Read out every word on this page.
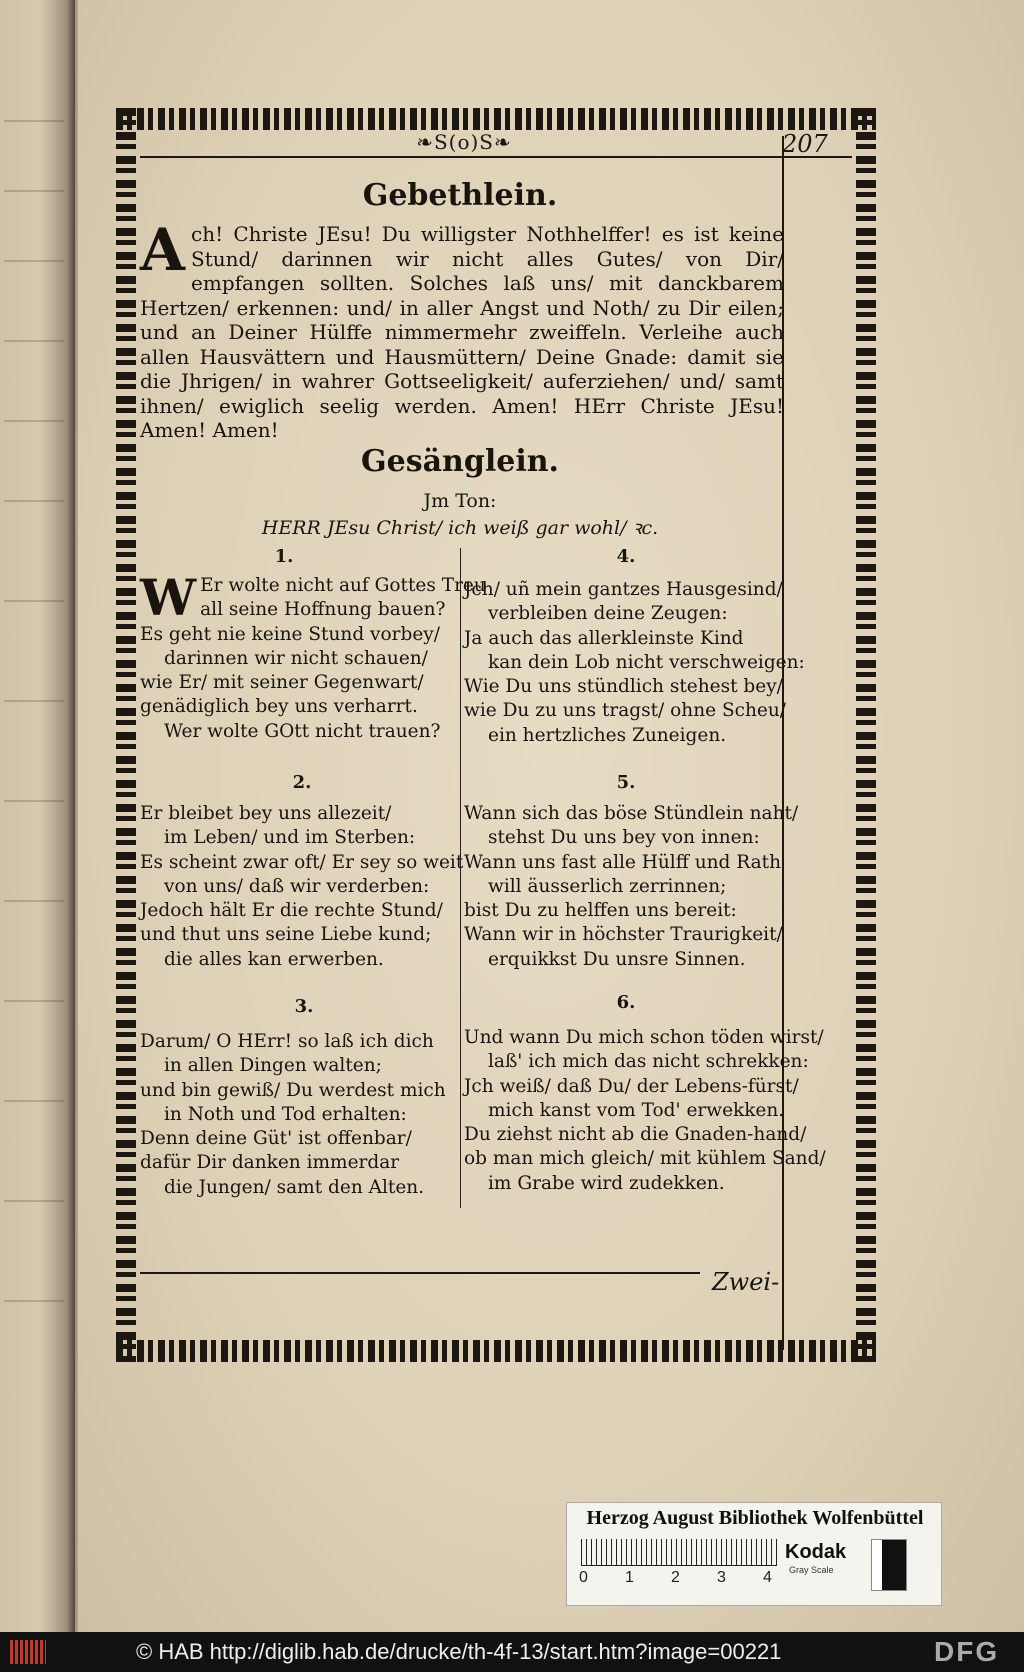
❧S(o)S❧	207
Gebethlein.
A ch! Christe JEsu! Du willigster Nothhelffer! es ist keine Stund/ darinnen wir nicht alles Gutes/ von Dir/ empfangen sollten. Solches laß uns/ mit danckbarem Hertzen/ erkennen: und/ in aller Angst und Noth/ zu Dir eilen; und an Deiner Hülffe nimmermehr zweiffeln. Verleihe auch allen Hausvättern und Hausmüttern/ Deine Gnade: damit sie die Jhrigen/ in wahrer Gottseeligkeit/ auferziehen/ und/ samt ihnen/ ewiglich seelig werden. Amen! HErr Christe JEsu! Amen! Amen!
Gesänglein.
Jm Ton:
HERR JEsu Christ/ ich weiß gar wohl/ ꝛc.
1.
W Er wolte nicht auf Gottes Treu
all seine Hoffnung bauen?
Es geht nie keine Stund vorbey/
darinnen wir nicht schauen/
wie Er/ mit seiner Gegenwart/
genädiglich bey uns verharrt.
Wer wolte GOtt nicht trauen?
2.
Er bleibet bey uns allezeit/
im Leben/ und im Sterben:
Es scheint zwar oft/ Er sey so weit
von uns/ daß wir verderben:
Jedoch hält Er die rechte Stund/
und thut uns seine Liebe kund;
die alles kan erwerben.
3.
Darum/ O HErr! so laß ich dich
in allen Dingen walten;
und bin gewiß/ Du werdest mich
in Noth und Tod erhalten:
Denn deine Güt' ist offenbar/
dafür Dir danken immerdar
die Jungen/ samt den Alten.
4.
Jch/ uñ mein gantzes Hausgesind/
verbleiben deine Zeugen:
Ja auch das allerkleinste Kind
kan dein Lob nicht verschweigen:
Wie Du uns stündlich stehest bey/
wie Du zu uns tragst/ ohne Scheu/
ein hertzliches Zuneigen.
5.
Wann sich das böse Stündlein naht/
stehst Du uns bey von innen:
Wann uns fast alle Hülff und Rath
will äusserlich zerrinnen;
bist Du zu helffen uns bereit:
Wann wir in höchster Traurigkeit/
erquikkst Du unsre Sinnen.
6.
Und wann Du mich schon töden wirst/
laß' ich mich das nicht schrekken:
Jch weiß/ daß Du/ der Lebens-fürst/
mich kanst vom Tod' erwekken.
Du ziehst nicht ab die Gnaden-hand/
ob man mich gleich/ mit kühlem Sand/
im Grabe wird zudekken.
Zwei-
Herzog August Bibliothek Wolfenbüttel
0 1 2 3 4
Kodak
Gray Scale
© HAB http://diglib.hab.de/drucke/th-4f-13/start.htm?image=00221	DFG
